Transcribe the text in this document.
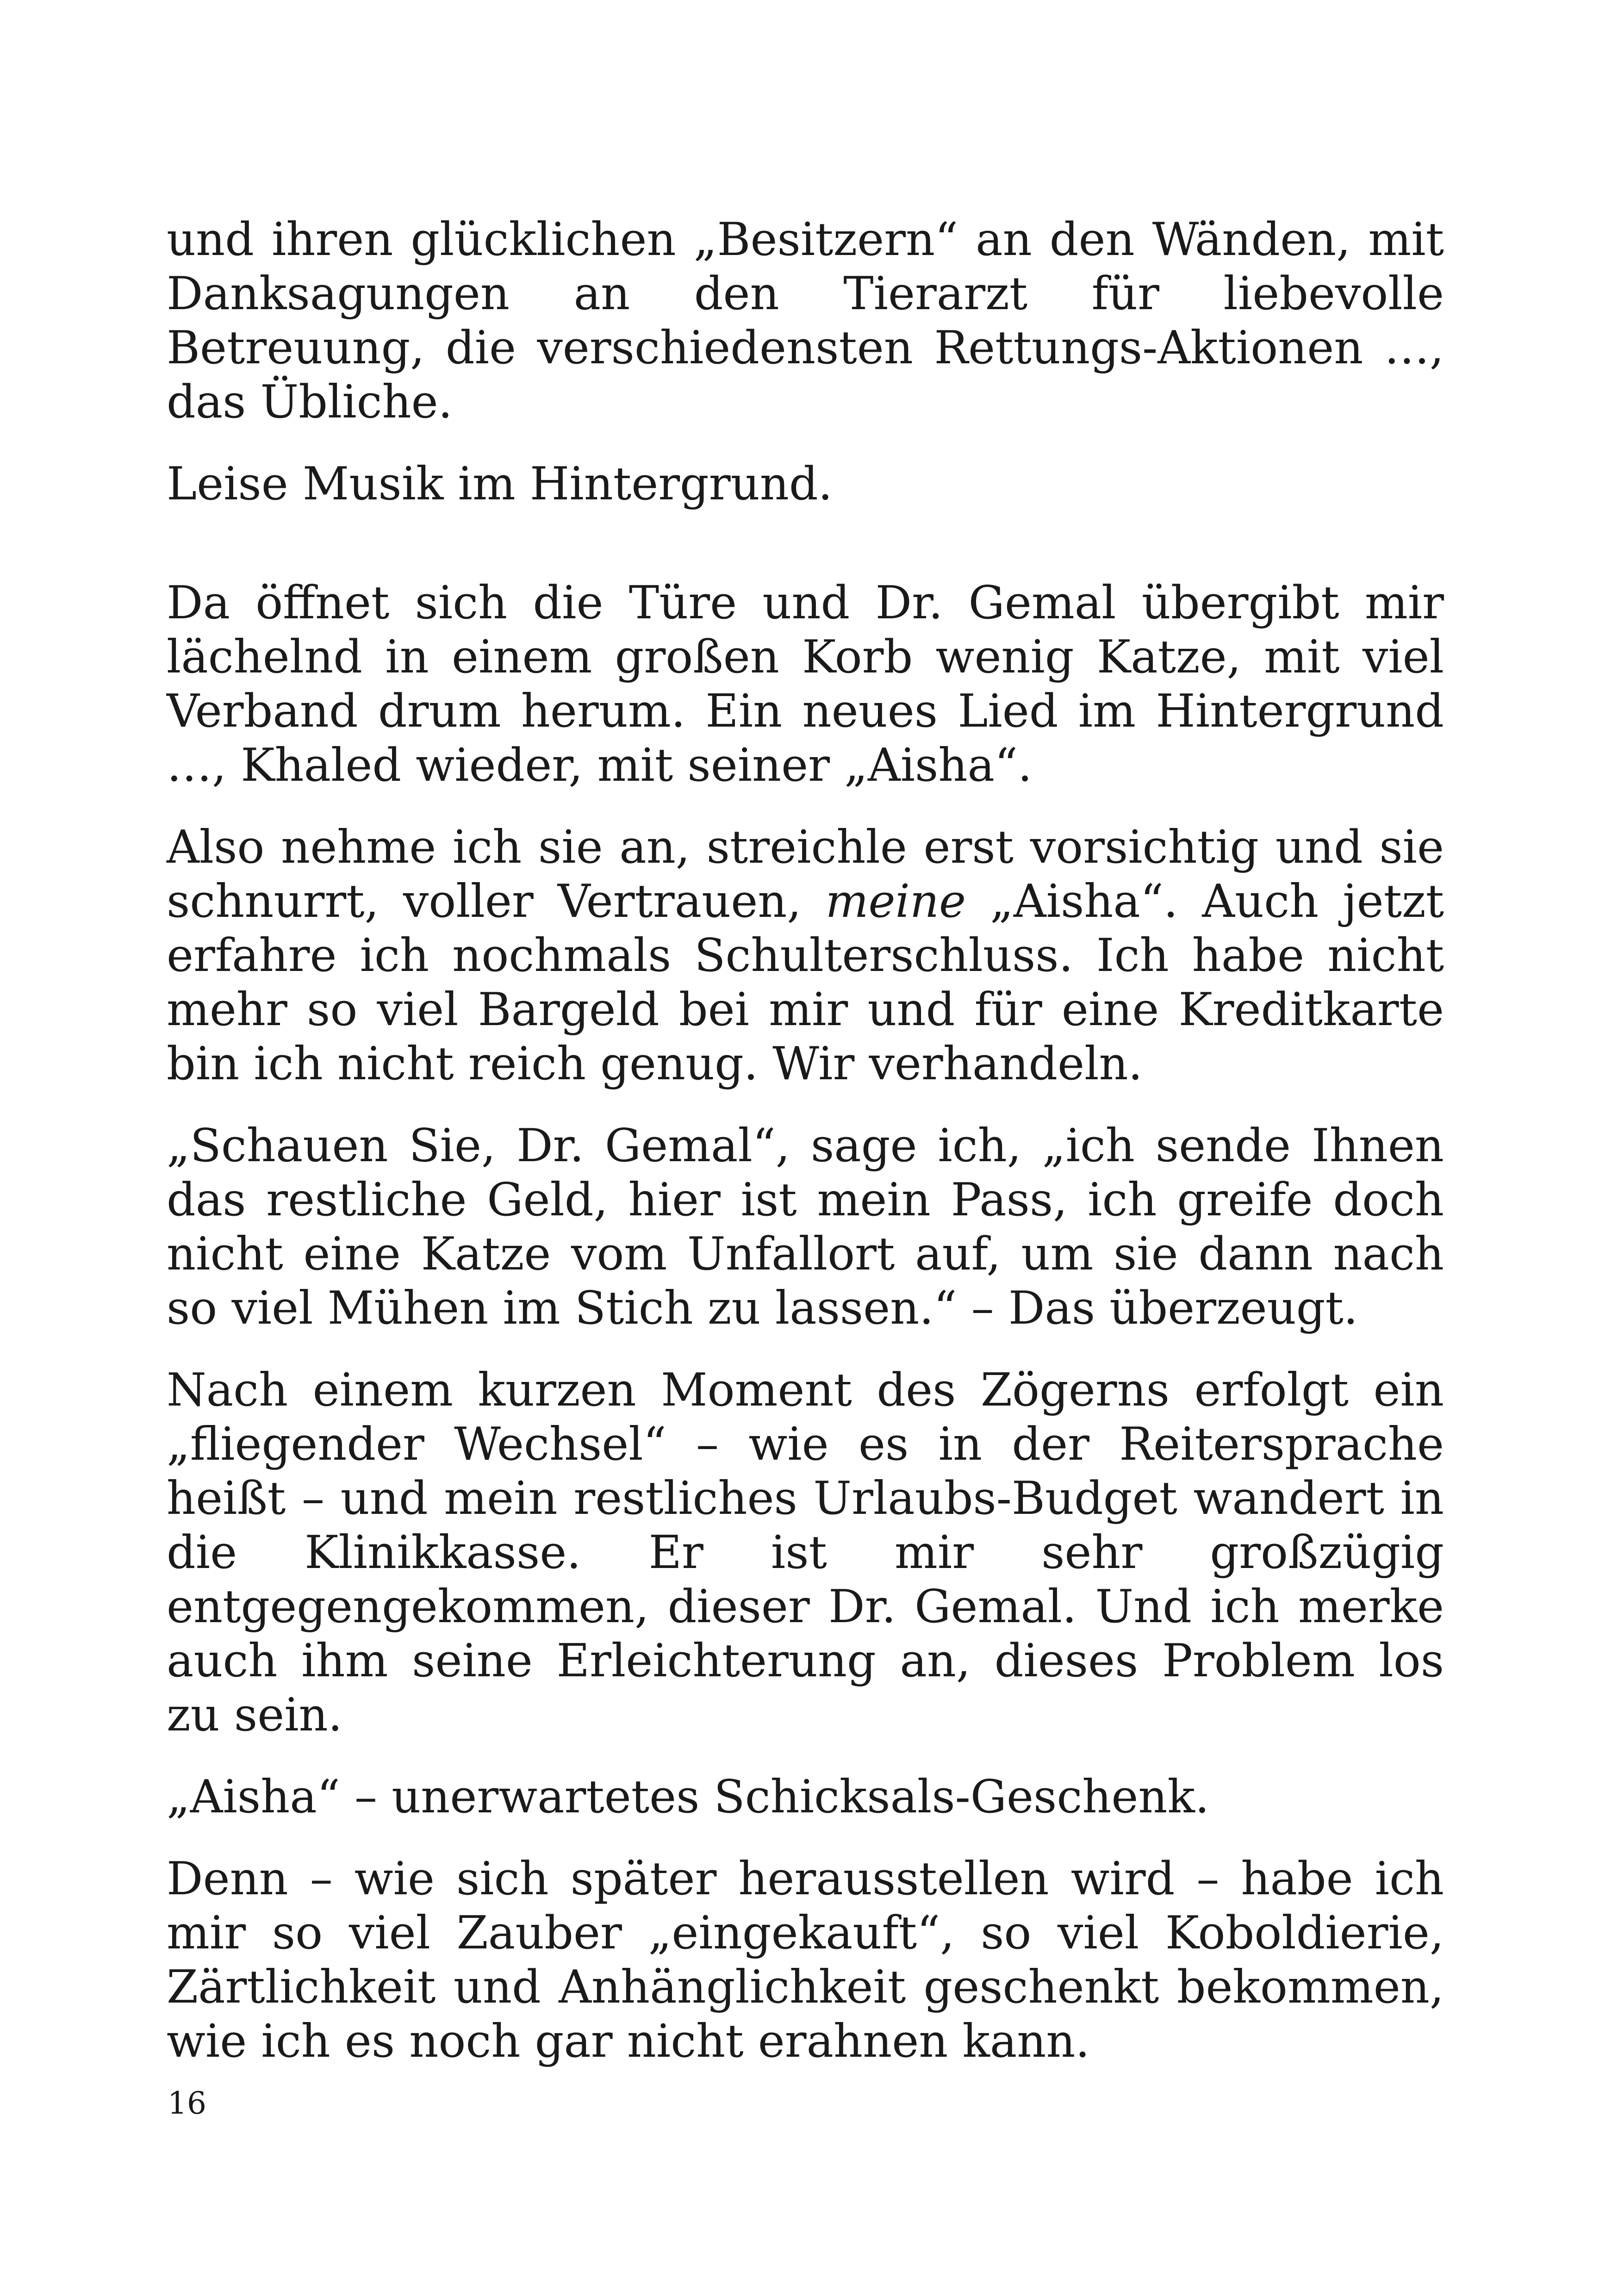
und ihren glücklichen „Besitzern“ an den Wänden, mit Danksagungen an den Tierarzt für liebevolle Betreuung, die verschiedensten Rettungs-Aktionen …, das Übliche.

Leise Musik im Hintergrund.

Da öffnet sich die Türe und Dr. Gemal übergibt mir lächelnd in einem großen Korb wenig Katze, mit viel Verband drum herum. Ein neues Lied im Hintergrund …, Khaled wieder, mit seiner „Aisha“.

Also nehme ich sie an, streichle erst vorsichtig und sie schnurrt, voller Vertrauen, meine „Aisha“. Auch jetzt erfahre ich nochmals Schulterschluss. Ich habe nicht mehr so viel Bargeld bei mir und für eine Kreditkarte bin ich nicht reich genug. Wir verhandeln.

„Schauen Sie, Dr. Gemal“, sage ich, „ich sende Ihnen das restliche Geld, hier ist mein Pass, ich greife doch nicht eine Katze vom Unfallort auf, um sie dann nach so viel Mühen im Stich zu lassen.“ – Das überzeugt.

Nach einem kurzen Moment des Zögerns erfolgt ein „fliegender Wechsel“ – wie es in der Reitersprache heißt – und mein restliches Urlaubs-Budget wandert in die Klinikkasse. Er ist mir sehr großzügig entgegengekommen, dieser Dr. Gemal. Und ich merke auch ihm seine Erleichterung an, dieses Problem los zu sein.

„Aisha“ – unerwartetes Schicksals-Geschenk.

Denn – wie sich später herausstellen wird – habe ich mir so viel Zauber „eingekauft“, so viel Koboldierie, Zärtlichkeit und Anhänglichkeit geschenkt bekommen, wie ich es noch gar nicht erahnen kann.

16
